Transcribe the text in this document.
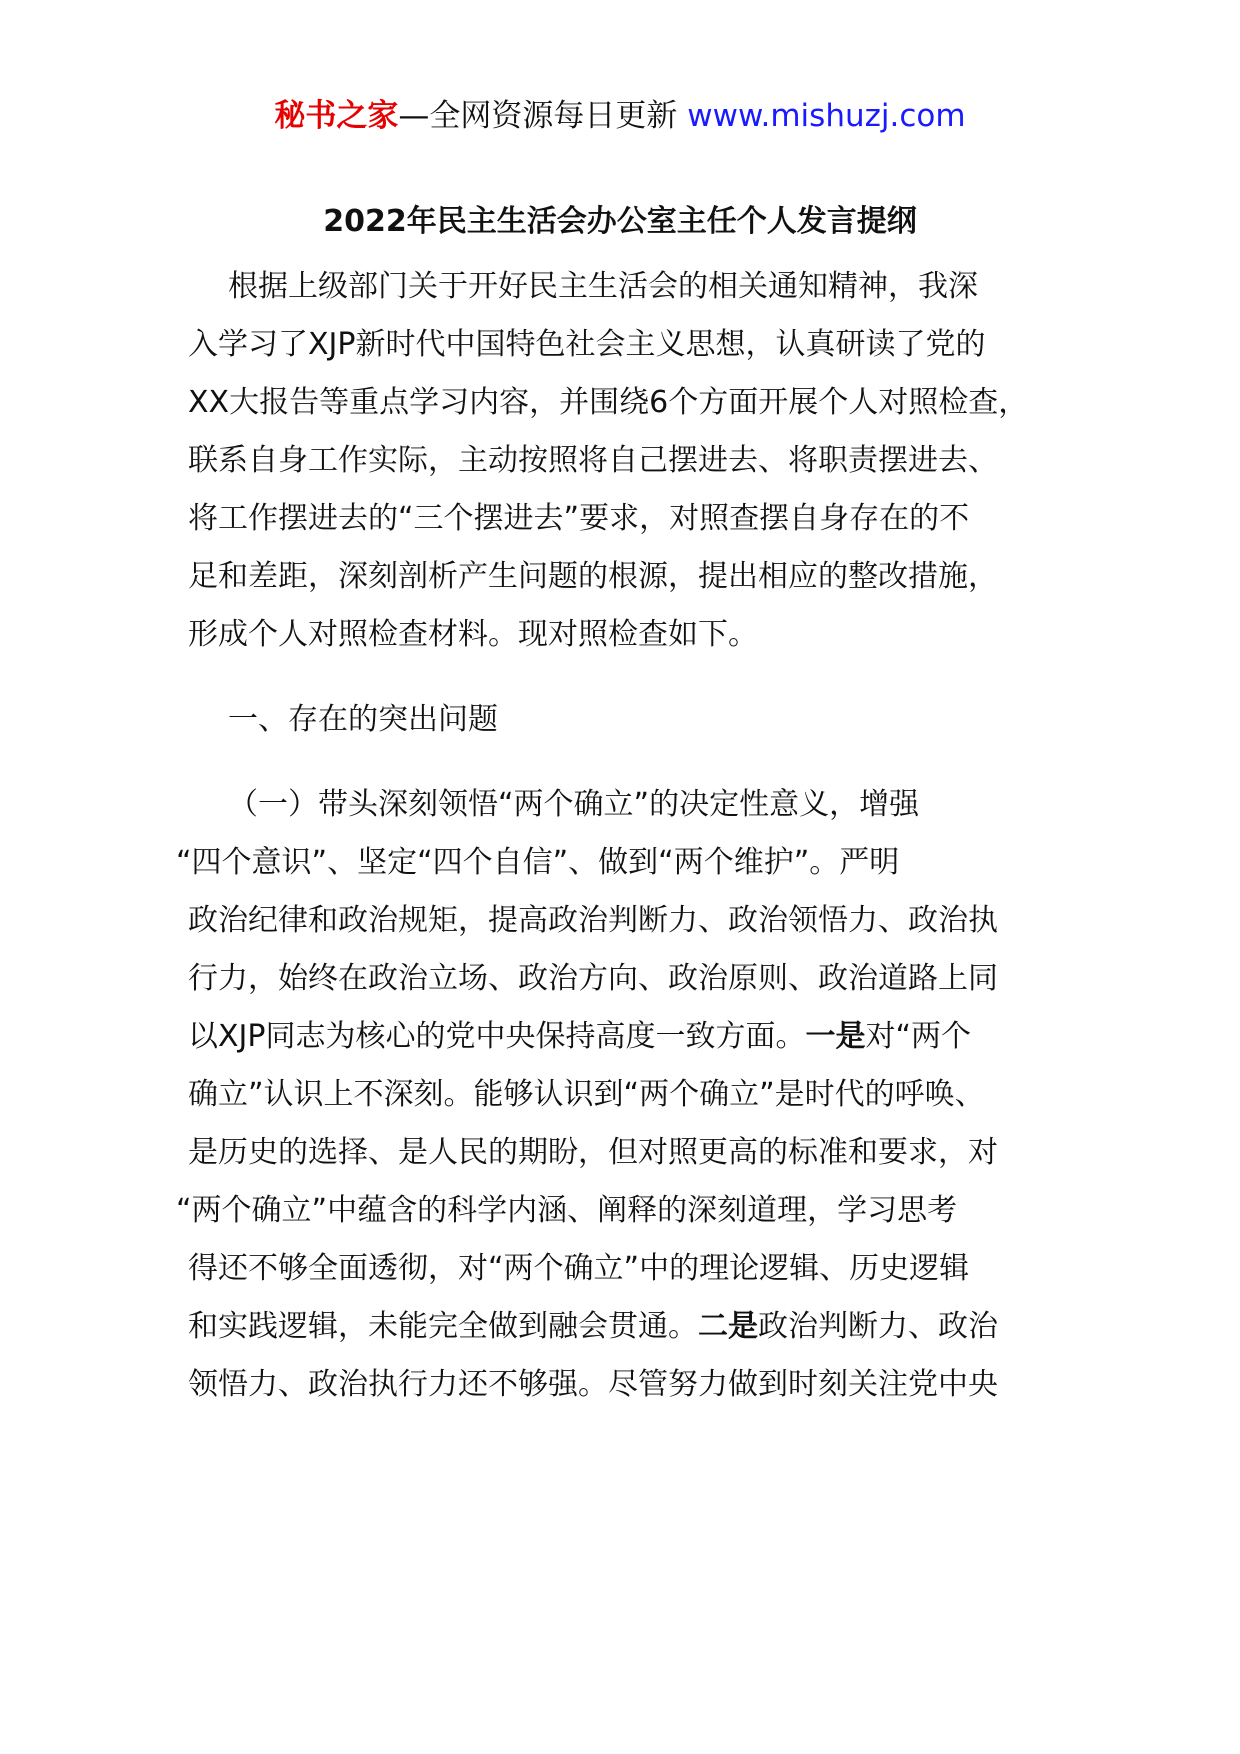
秘书之家—全网资源每日更新 www.mishuzj.com
2022年民主生活会办公室主任个人发言提纲
根据上级部门关于开好民主生活会的相关通知精神，我深
入学习了XJP新时代中国特色社会主义思想，认真研读了党的
XX大报告等重点学习内容，并围绕6个方面开展个人对照检查，
联系自身工作实际，主动按照将自己摆进去、将职责摆进去、
将工作摆进去的“三个摆进去”要求，对照查摆自身存在的不
足和差距，深刻剖析产生问题的根源，提出相应的整改措施，
形成个人对照检查材料。现对照检查如下。
一、存在的突出问题
（一）带头深刻领悟“两个确立”的决定性意义，增强
“四个意识”、坚定“四个自信”、做到“两个维护”。严明
政治纪律和政治规矩，提高政治判断力、政治领悟力、政治执
行力，始终在政治立场、政治方向、政治原则、政治道路上同
以XJP同志为核心的党中央保持高度一致方面。一是对“两个
确立”认识上不深刻。能够认识到“两个确立”是时代的呼唤、
是历史的选择、是人民的期盼，但对照更高的标准和要求，对
“两个确立”中蕴含的科学内涵、阐释的深刻道理，学习思考
得还不够全面透彻，对“两个确立”中的理论逻辑、历史逻辑
和实践逻辑，未能完全做到融会贯通。二是政治判断力、政治
领悟力、政治执行力还不够强。尽管努力做到时刻关注党中央
